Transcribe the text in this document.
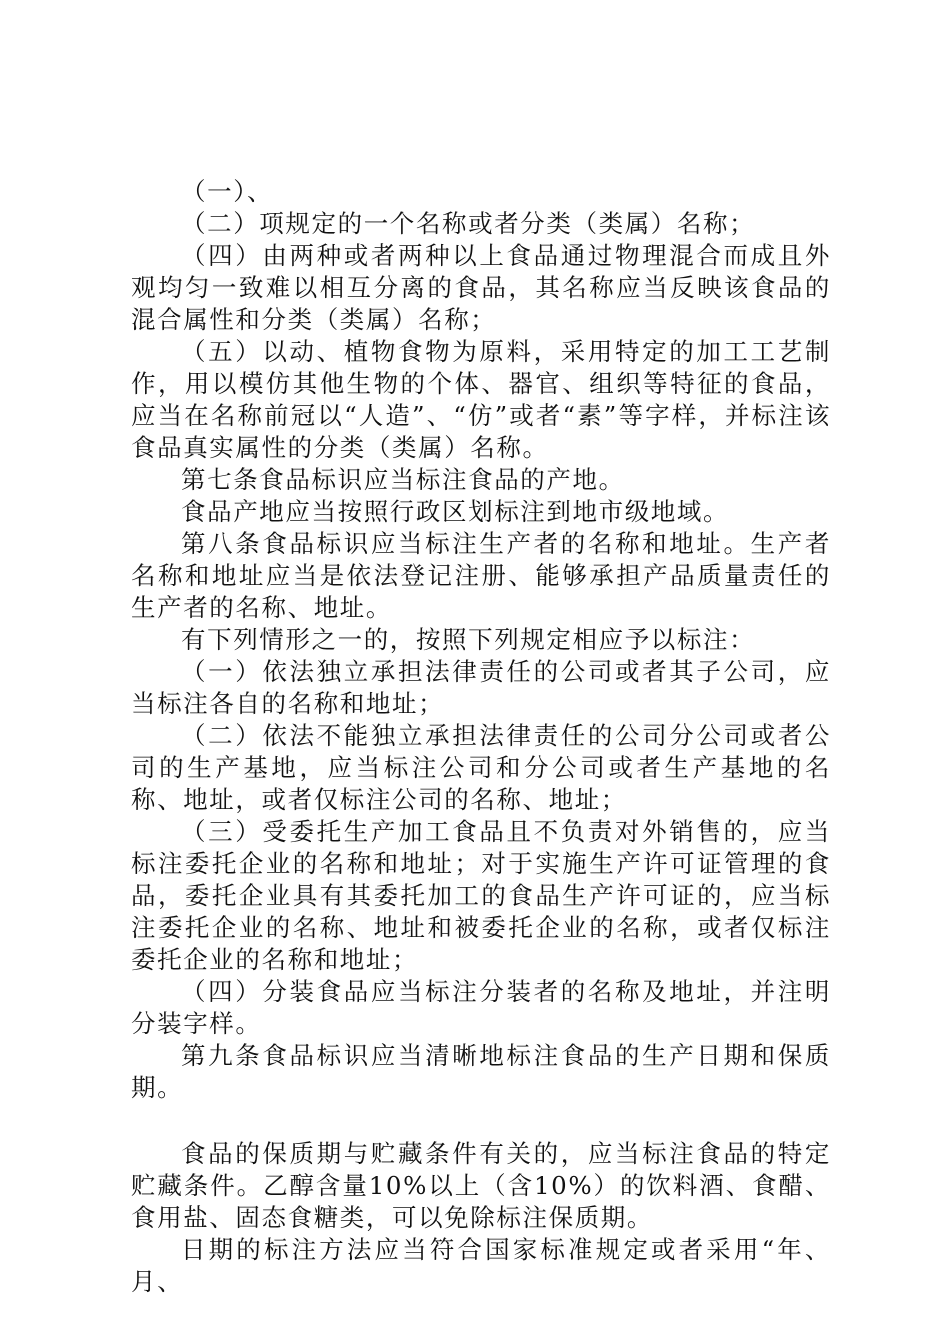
（一）、

（二）项规定的一个名称或者分类（类属）名称；

（四）由两种或者两种以上食品通过物理混合而成且外观均匀一致难以相互分离的食品，其名称应当反映该食品的混合属性和分类（类属）名称；

（五）以动、植物食物为原料，采用特定的加工工艺制作，用以模仿其他生物的个体、器官、组织等特征的食品，应当在名称前冠以“人造”、“仿”或者“素”等字样，并标注该食品真实属性的分类（类属）名称。

第七条食品标识应当标注食品的产地。

食品产地应当按照行政区划标注到地市级地域。

第八条食品标识应当标注生产者的名称和地址。生产者名称和地址应当是依法登记注册、能够承担产品质量责任的生产者的名称、地址。

有下列情形之一的，按照下列规定相应予以标注：

（一）依法独立承担法律责任的公司或者其子公司，应当标注各自的名称和地址；

（二）依法不能独立承担法律责任的公司分公司或者公司的生产基地，应当标注公司和分公司或者生产基地的名称、地址，或者仅标注公司的名称、地址；

（三）受委托生产加工食品且不负责对外销售的，应当标注委托企业的名称和地址；对于实施生产许可证管理的食品，委托企业具有其委托加工的食品生产许可证的，应当标注委托企业的名称、地址和被委托企业的名称，或者仅标注委托企业的名称和地址；

（四）分装食品应当标注分装者的名称及地址，并注明分装字样。

第九条食品标识应当清晰地标注食品的生产日期和保质期。

食品的保质期与贮藏条件有关的，应当标注食品的特定贮藏条件。乙醇含量10%以上（含10%）的饮料酒、食醋、食用盐、固态食糖类，可以免除标注保质期。

日期的标注方法应当符合国家标准规定或者采用“年、月、
